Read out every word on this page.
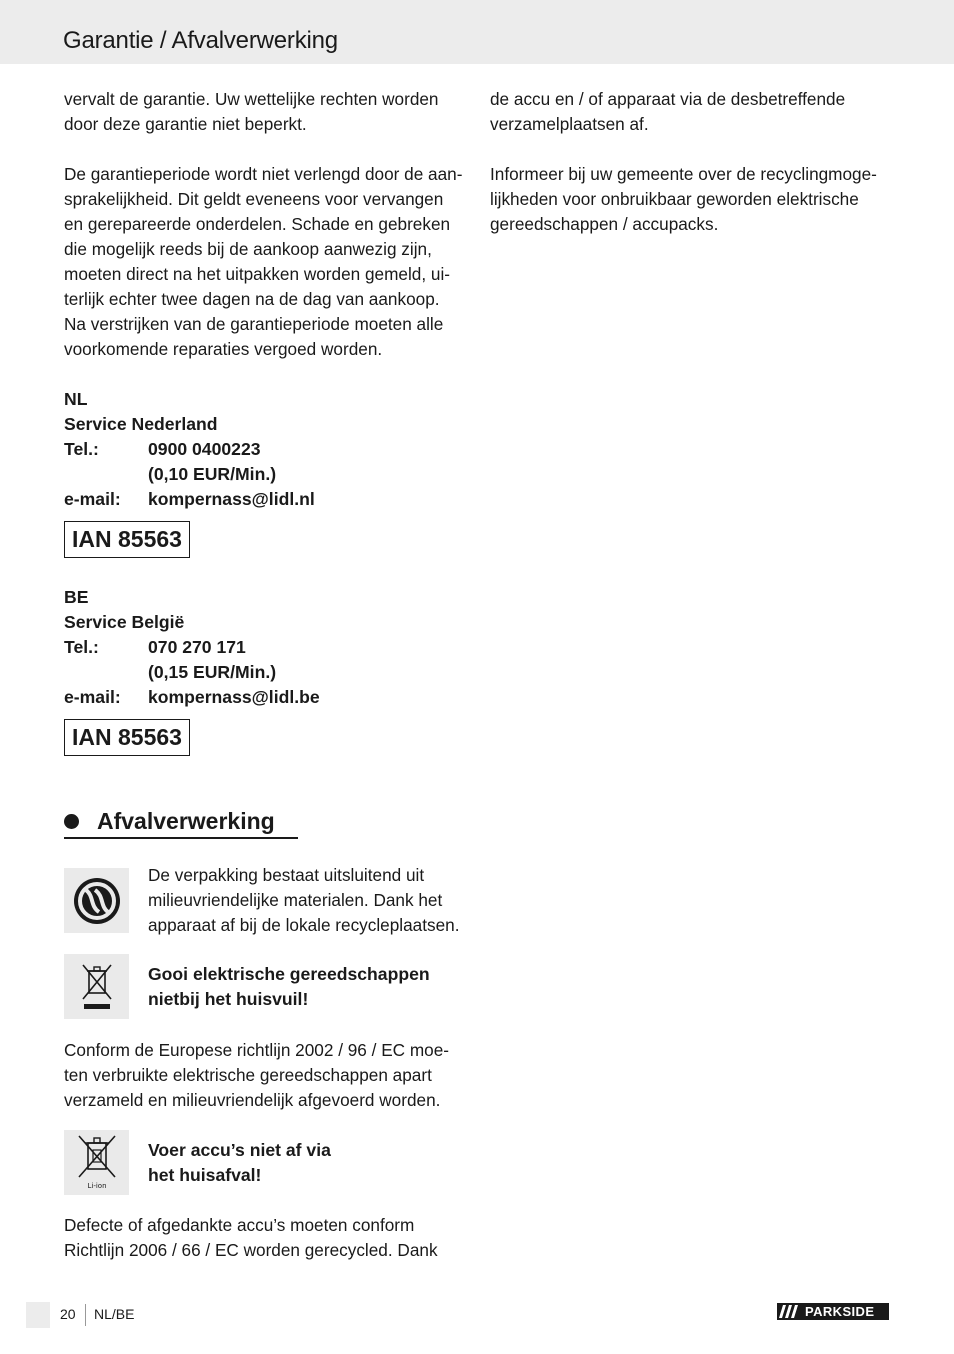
Garantie / Afvalverwerking
vervalt de garantie. Uw wettelijke rechten worden
door deze garantie niet beperkt.
De garantieperiode wordt niet verlengd door de aan-
sprakelijkheid. Dit geldt eveneens voor vervangen
en gerepareerde onderdelen. Schade en gebreken
die mogelijk reeds bij de aankoop aanwezig zijn,
moeten direct na het uitpakken worden gemeld, ui-
terlijk echter twee dagen na de dag van aankoop.
Na verstrijken van de garantieperiode moeten alle
voorkomende reparaties vergoed worden.
NL
Service Nederland
Tel.:	0900 0400223
(0,10 EUR/Min.)
e-mail:	kompernass@lidl.nl
IAN 85563
BE
Service België
Tel.:	070 270 171
(0,15 EUR/Min.)
e-mail:	kompernass@lidl.be
IAN 85563
Afvalverwerking
De verpakking bestaat uitsluitend uit
milieuvriendelijke materialen. Dank het
apparaat af bij de lokale recycleplaatsen.
Gooi elektrische gereedschappen
nietbij het huisvuil!
Conform de Europese richtlijn 2002 / 96 / EC moe-
ten verbruikte elektrische gereedschappen apart
verzameld en milieuvriendelijk afgevoerd worden.
Li-ion
Voer accu’s niet af via
het huisafval!
Defecte of afgedankte accu’s moeten conform
Richtlijn 2006 / 66 / EC worden gerecycled. Dank
de accu en / of apparaat via de desbetreffende
verzamelplaatsen af.
Informeer bij uw gemeente over de recyclingmoge-
lijkheden voor onbruikbaar geworden elektrische
gereedschappen / accupacks.
20 NL/BE	PARKSIDE
